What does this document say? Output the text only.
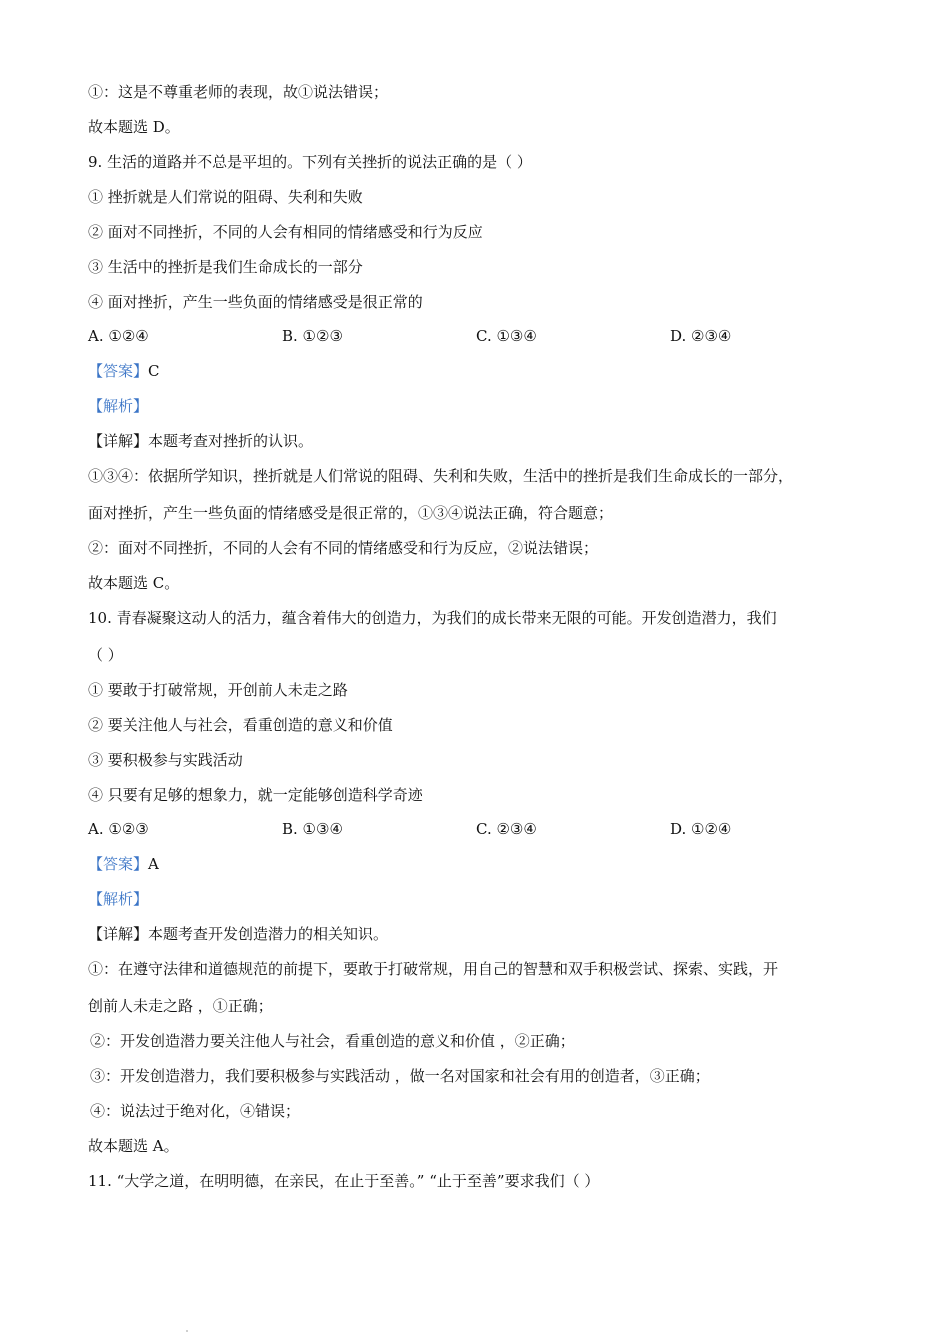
①：这是不尊重老师的表现，故①说法错误；
故本题选 D。
9. 生活的道路并不总是平坦的。下列有关挫折的说法正确的是（ ）
① 挫折就是人们常说的阻碍、失利和失败
② 面对不同挫折，不同的人会有相同的情绪感受和行为反应
③ 生活中的挫折是我们生命成长的一部分
④ 面对挫折，产生一些负面的情绪感受是很正常的
A. ①②④	B. ①②③	C. ①③④	D. ②③④
【答案】C
【解析】
【详解】本题考查对挫折的认识。
①③④：依据所学知识，挫折就是人们常说的阻碍、失利和失败，生活中的挫折是我们生命成长的一部分，
面对挫折，产生一些负面的情绪感受是很正常的，①③④说法正确，符合题意；
②：面对不同挫折，不同的人会有不同的情绪感受和行为反应，②说法错误；
故本题选 C。
10. 青春凝聚这动人的活力，蕴含着伟大的创造力，为我们的成长带来无限的可能。开发创造潜力，我们
（ ）
① 要敢于打破常规，开创前人未走之路
② 要关注他人与社会，看重创造的意义和价值
③ 要积极参与实践活动
④ 只要有足够的想象力，就一定能够创造科学奇迹
A. ①②③	B. ①③④	C. ②③④	D. ①②④
【答案】A
【解析】
【详解】本题考查开发创造潜力的相关知识。
①：在遵守法律和道德规范的前提下，要敢于打破常规，用自己的智慧和双手积极尝试、探索、实践，开
创前人未走之路 ，①正确；
②：开发创造潜力要关注他人与社会，看重创造的意义和价值 ，②正确；
③：开发创造潜力，我们要积极参与实践活动 ，做一名对国家和社会有用的创造者，③正确；
④：说法过于绝对化，④错误；
故本题选 A。
11. “大学之道，在明明德，在亲民，在止于至善。” “止于至善”要求我们（ ）
